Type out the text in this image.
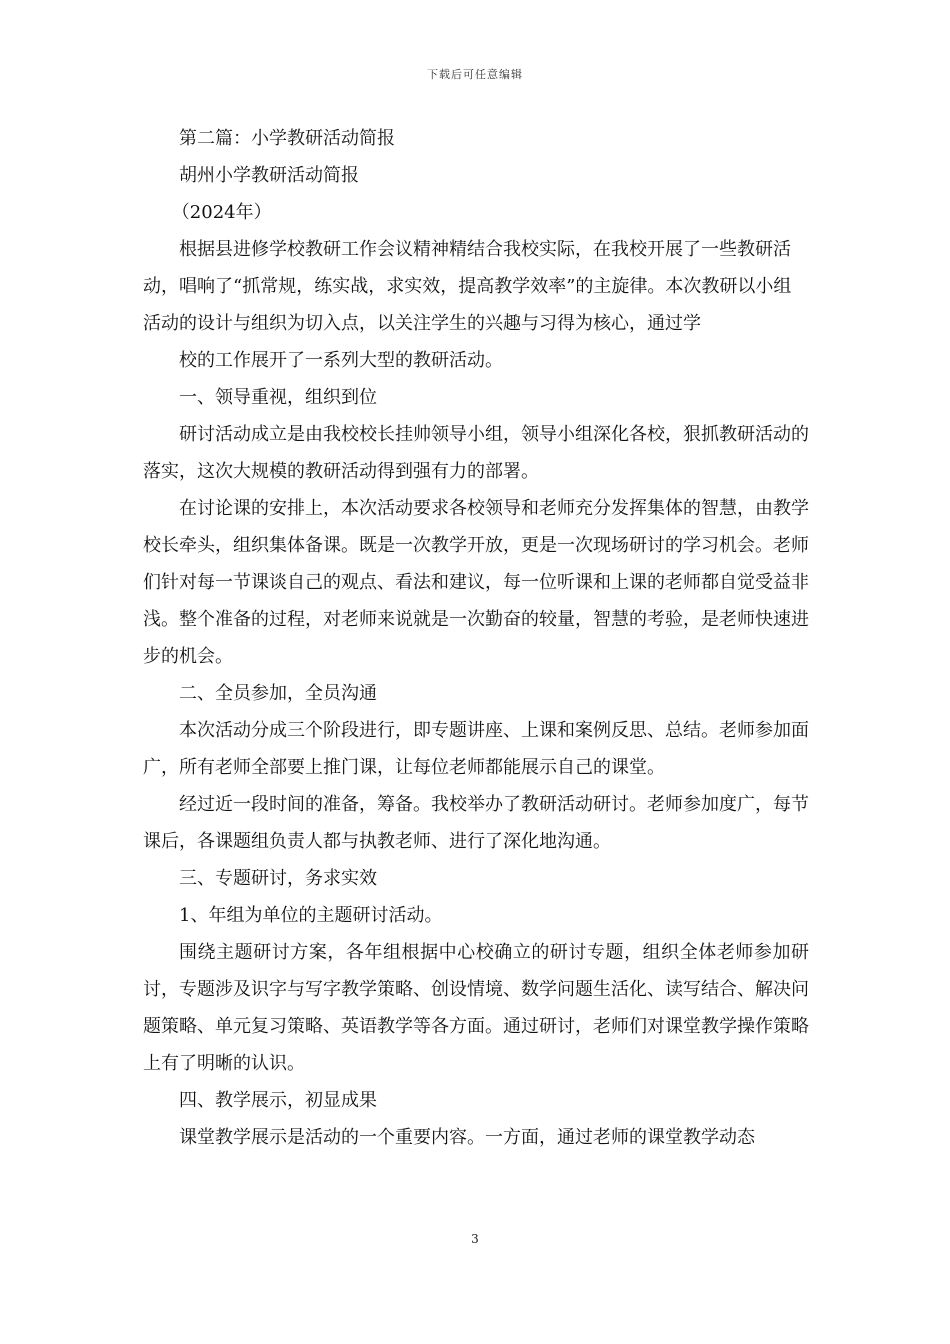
下载后可任意编辑

第二篇：小学教研活动简报

胡州小学教研活动简报

（2024年）

根据县进修学校教研工作会议精神精结合我校实际，在我校开展了一些教研活动，唱响了“抓常规，练实战，求实效，提高教学效率”的主旋律。本次教研以小组活动的设计与组织为切入点，以关注学生的兴趣与习得为核心，通过学

校的工作展开了一系列大型的教研活动。

一、领导重视，组织到位

研讨活动成立是由我校校长挂帅领导小组，领导小组深化各校，狠抓教研活动的落实，这次大规模的教研活动得到强有力的部署。

在讨论课的安排上，本次活动要求各校领导和老师充分发挥集体的智慧，由教学校长牵头，组织集体备课。既是一次教学开放，更是一次现场研讨的学习机会。老师们针对每一节课谈自己的观点、看法和建议，每一位听课和上课的老师都自觉受益非浅。整个准备的过程，对老师来说就是一次勤奋的较量，智慧的考验，是老师快速进步的机会。

二、全员参加，全员沟通

本次活动分成三个阶段进行，即专题讲座、上课和案例反思、总结。老师参加面广，所有老师全部要上推门课，让每位老师都能展示自己的课堂。

经过近一段时间的准备，筹备。我校举办了教研活动研讨。老师参加度广，每节课后，各课题组负责人都与执教老师、进行了深化地沟通。

三、专题研讨，务求实效

1、年组为单位的主题研讨活动。

围绕主题研讨方案，各年组根据中心校确立的研讨专题，组织全体老师参加研讨，专题涉及识字与写字教学策略、创设情境、数学问题生活化、读写结合、解决问题策略、单元复习策略、英语教学等各方面。通过研讨，老师们对课堂教学操作策略上有了明晰的认识。

四、教学展示，初显成果

课堂教学展示是活动的一个重要内容。一方面，通过老师的课堂教学动态

3
